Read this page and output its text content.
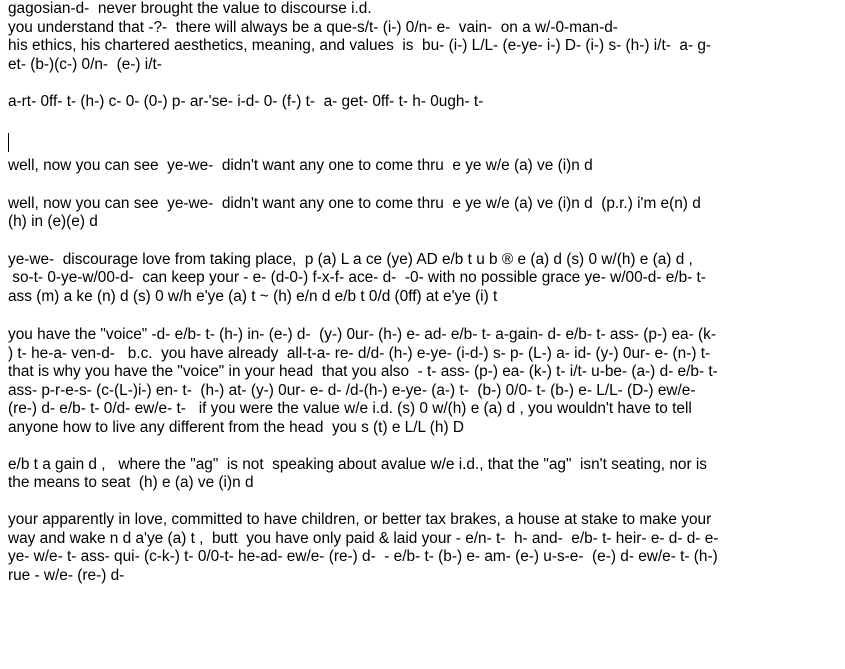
gagosian-d-  never brought the value to discourse i.d.
you understand that -?-  there will always be a que-s/t- (i-) 0/n- e-  vain-  on a w/-0-man-d-
his ethics, his chartered aesthetics, meaning, and values  is  bu- (i-) L/L- (e-ye- i-) D- (i-) s- (h-) i/t-  a- g-
et- (b-)(c-) 0/n-  (e-) i/t-
a-rt- 0ff- t- (h-) c- 0- (0-) p- ar-'se- i-d- 0- (f-) t-  a- get- 0ff- t- h- 0ugh- t-
well, now you can see  ye-we-  didn't want any one to come thru  e ye w/e (a) ve (i)n d
well, now you can see  ye-we-  didn't want any one to come thru  e ye w/e (a) ve (i)n d  (p.r.) i'm e(n) d
(h) in (e)(e) d
ye-we-  discourage love from taking place,  p (a) L a ce (ye) AD e/b t u b ® e (a) d (s) 0 w/(h) e (a) d ,
so-t- 0-ye-w/00-d-  can keep your - e- (d-0-) f-x-f- ace- d-  -0- with no possible grace ye- w/00-d- e/b- t-
ass (m) a ke (n) d (s) 0 w/h e'ye (a) t ~ (h) e/n d e/b t 0/d (0ff) at e'ye (i) t
you have the "voice" -d- e/b- t- (h-) in- (e-) d-  (y-) 0ur- (h-) e- ad- e/b- t- a-gain- d- e/b- t- ass- (p-) ea- (k-
) t- he-a- ven-d-   b.c.  you have already  all-t-a- re- d/d- (h-) e-ye- (i-d-) s- p- (L-) a- id- (y-) 0ur- e- (n-) t-
that is why you have the "voice" in your head  that you also  - t- ass- (p-) ea- (k-) t- i/t- u-be- (a-) d- e/b- t-
ass- p-r-e-s- (c-(L-)i-) en- t-  (h-) at- (y-) 0ur- e- d- /d-(h-) e-ye- (a-) t-  (b-) 0/0- t- (b-) e- L/L- (D-) ew/e-
(re-) d- e/b- t- 0/d- ew/e- t-   if you were the value w/e i.d. (s) 0 w/(h) e (a) d , you wouldn't have to tell
anyone how to live any different from the head  you s (t) e L/L (h) D
e/b t a gain d ,   where the "ag"  is not  speaking about avalue w/e i.d., that the "ag"  isn't seating, nor is
the means to seat  (h) e (a) ve (i)n d
your apparently in love, committed to have children, or better tax brakes, a house at stake to make your
way and wake n d a'ye (a) t ,  butt  you have only paid & laid your - e/n- t-  h- and-  e/b- t- heir- e- d- d- e-
ye- w/e- t- ass- qui- (c-k-) t- 0/0-t- he-ad- ew/e- (re-) d-  - e/b- t- (b-) e- am- (e-) u-s-e-  (e-) d- ew/e- t- (h-)
rue - w/e- (re-) d-
